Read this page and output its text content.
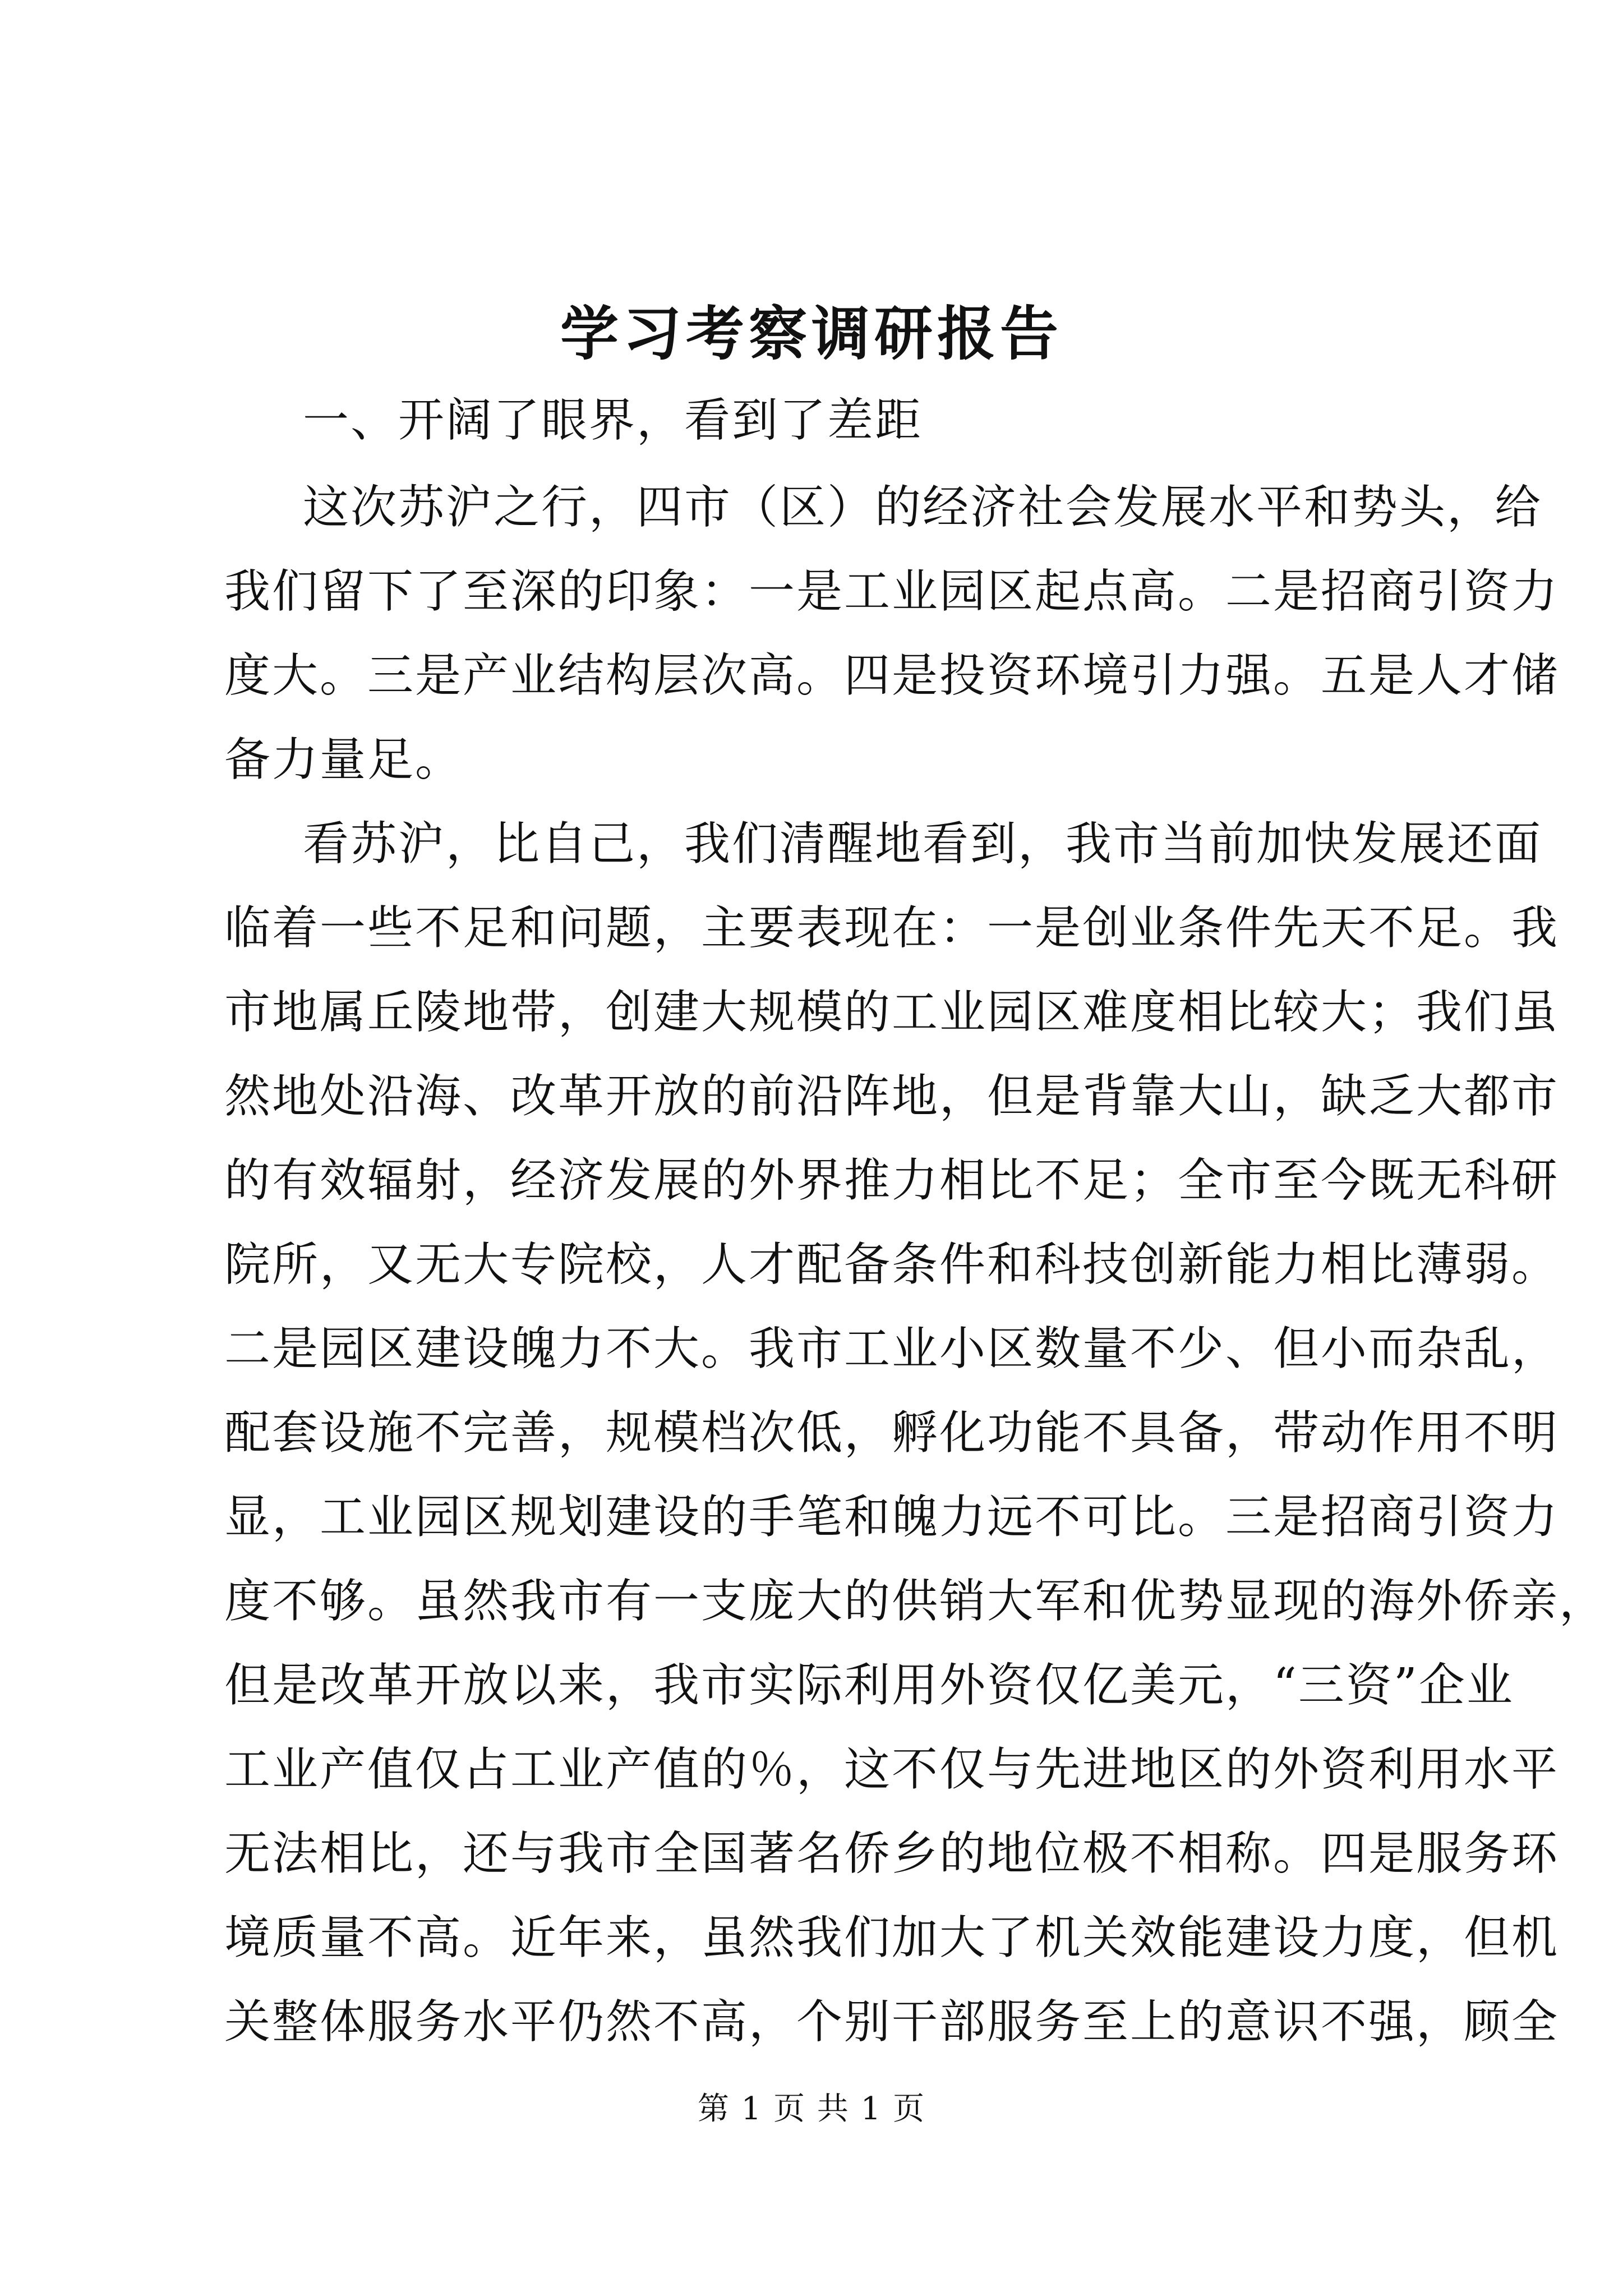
学习考察调研报告
一、开阔了眼界，看到了差距
这次苏沪之行，四市（区）的经济社会发展水平和势头，给
我们留下了至深的印象：一是工业园区起点高。二是招商引资力
度大。三是产业结构层次高。四是投资环境引力强。五是人才储
备力量足。
看苏沪，比自己，我们清醒地看到，我市当前加快发展还面
临着一些不足和问题，主要表现在：一是创业条件先天不足。我
市地属丘陵地带，创建大规模的工业园区难度相比较大；我们虽
然地处沿海、改革开放的前沿阵地，但是背靠大山，缺乏大都市
的有效辐射，经济发展的外界推力相比不足；全市至今既无科研
院所，又无大专院校，人才配备条件和科技创新能力相比薄弱。
二是园区建设魄力不大。我市工业小区数量不少、但小而杂乱，
配套设施不完善，规模档次低，孵化功能不具备，带动作用不明
显，工业园区规划建设的手笔和魄力远不可比。三是招商引资力
度不够。虽然我市有一支庞大的供销大军和优势显现的海外侨亲，
但是改革开放以来，我市实际利用外资仅亿美元，“三资”企业
工业产值仅占工业产值的％，这不仅与先进地区的外资利用水平
无法相比，还与我市全国著名侨乡的地位极不相称。四是服务环
境质量不高。近年来，虽然我们加大了机关效能建设力度，但机
关整体服务水平仍然不高，个别干部服务至上的意识不强，顾全
第 1 页 共 1 页
